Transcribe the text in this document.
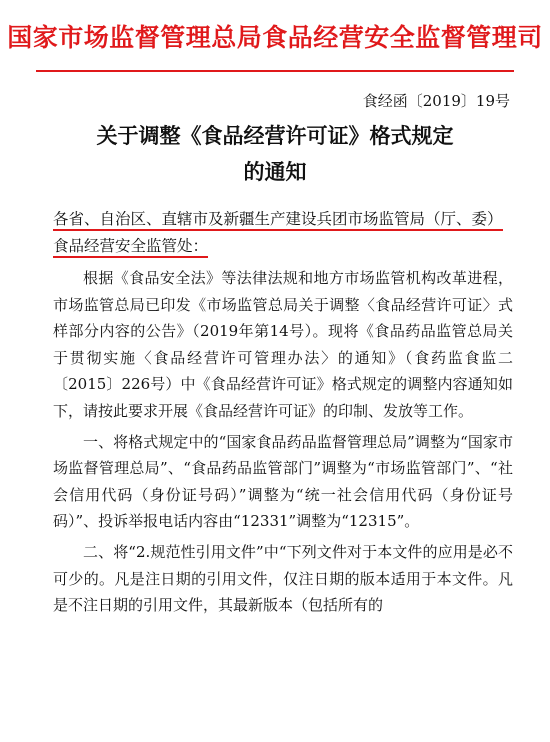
国家市场监督管理总局食品经营安全监督管理司
食经函〔2019〕19号
关于调整《食品经营许可证》格式规定
的通知
各省、自治区、直辖市及新疆生产建设兵团市场监管局（厅、委）
食品经营安全监管处：

根据《食品安全法》等法律法规和地方市场监管机构改革进程，市场监管总局已印发《市场监管总局关于调整〈食品经营许可证〉式样部分内容的公告》（2019年第14号）。现将《食品药品监管总局关于贯彻实施〈食品经营许可管理办法〉的通知》（食药监食监二〔2015〕226号）中《食品经营许可证》格式规定的调整内容通知如下，请按此要求开展《食品经营许可证》的印制、发放等工作。

一、将格式规定中的“国家食品药品监督管理总局”调整为“国家市场监督管理总局”、“食品药品监管部门”调整为“市场监管部门”、“社会信用代码（身份证号码）”调整为“统一社会信用代码（身份证号码）”、投诉举报电话内容由“12331”调整为“12315”。

二、将“2.规范性引用文件”中“下列文件对于本文件的应用是必不可少的。凡是注日期的引用文件，仅注日期的版本适用于本文件。凡是不注日期的引用文件，其最新版本（包括所有的
